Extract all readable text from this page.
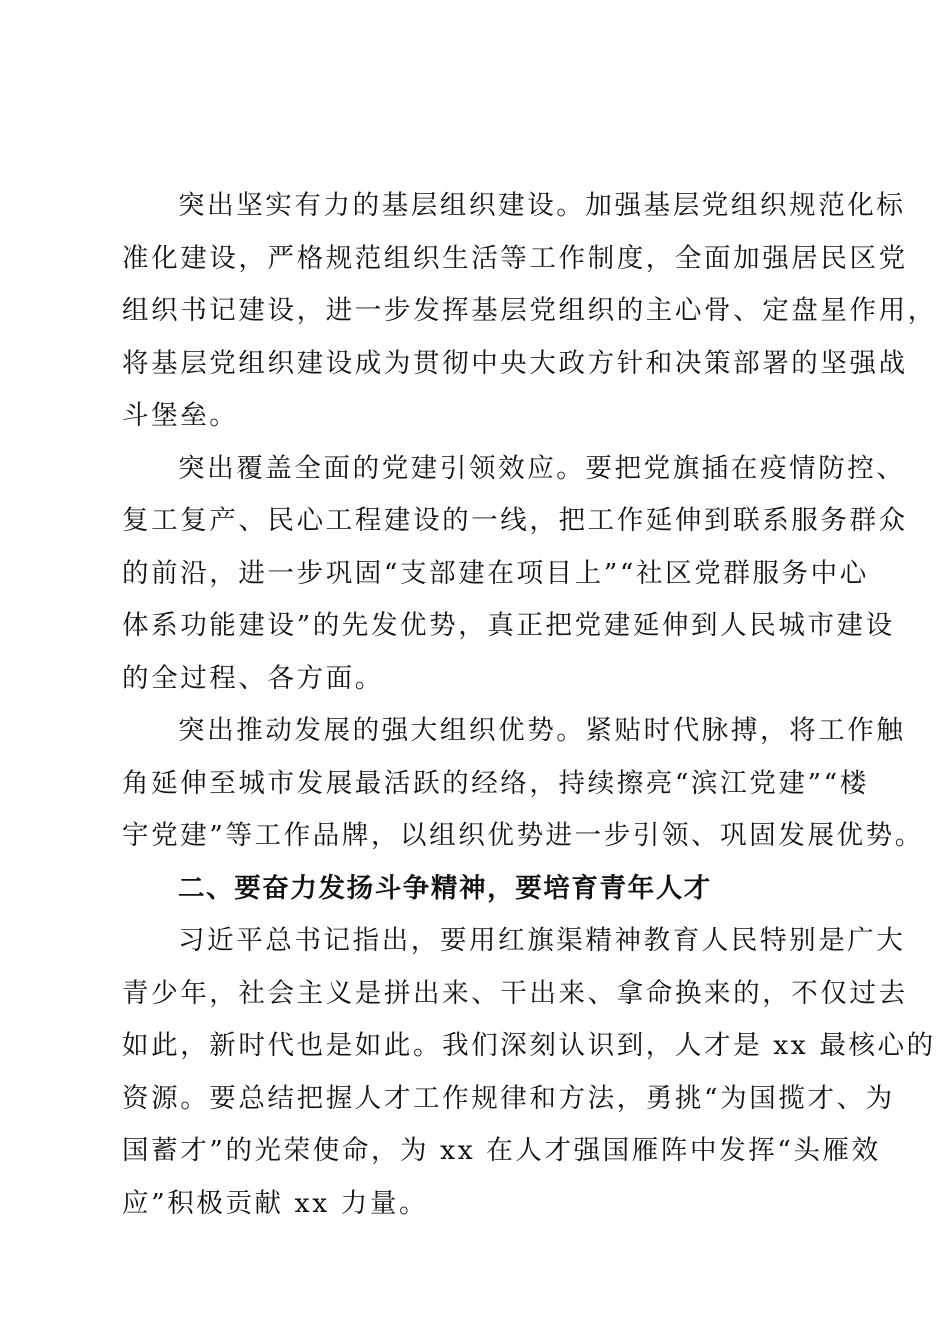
突出坚实有力的基层组织建设。加强基层党组织规范化标
准化建设，严格规范组织生活等工作制度，全面加强居民区党
组织书记建设，进一步发挥基层党组织的主心骨、定盘星作用，
将基层党组织建设成为贯彻中央大政方针和决策部署的坚强战
斗堡垒。
突出覆盖全面的党建引领效应。要把党旗插在疫情防控、
复工复产、民心工程建设的一线，把工作延伸到联系服务群众
的前沿，进一步巩固“支部建在项目上”“社区党群服务中心
体系功能建设”的先发优势，真正把党建延伸到人民城市建设
的全过程、各方面。
突出推动发展的强大组织优势。紧贴时代脉搏，将工作触
角延伸至城市发展最活跃的经络，持续擦亮“滨江党建”“楼
宇党建”等工作品牌，以组织优势进一步引领、巩固发展优势。
二、要奋力发扬斗争精神，要培育青年人才
习近平总书记指出，要用红旗渠精神教育人民特别是广大
青少年，社会主义是拼出来、干出来、拿命换来的，不仅过去
如此，新时代也是如此。我们深刻认识到，人才是 xx 最核心的
资源。要总结把握人才工作规律和方法，勇挑“为国揽才、为
国蓄才”的光荣使命，为 xx 在人才强国雁阵中发挥“头雁效
应”积极贡献 xx 力量。
